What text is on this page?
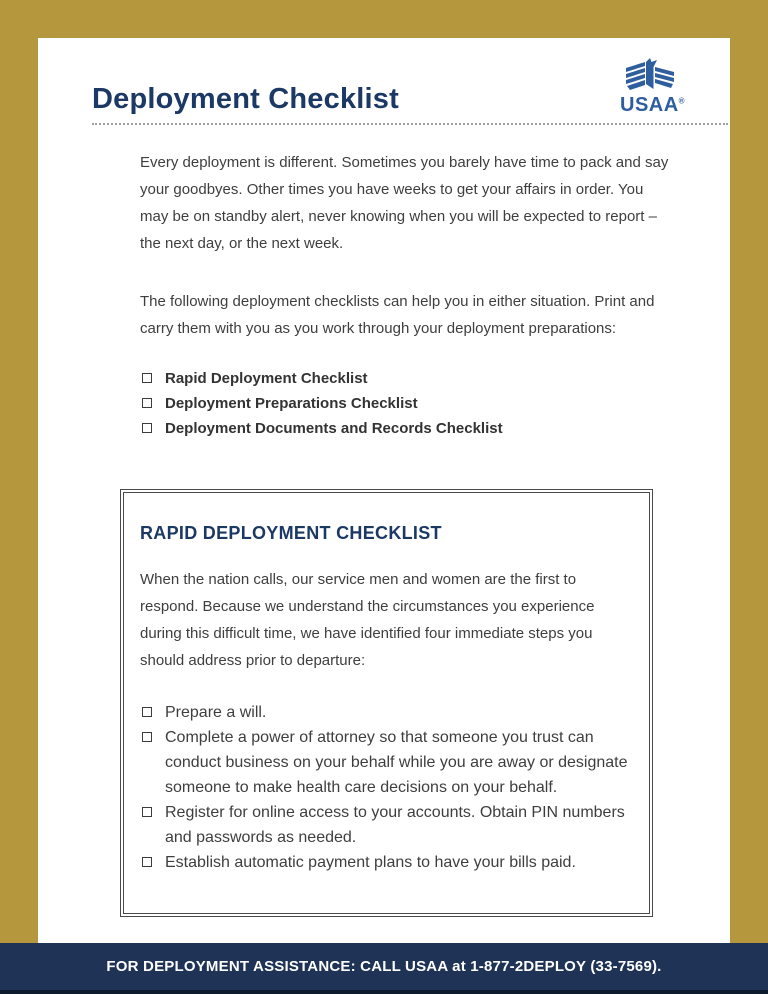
USAA®
Deployment Checklist

Every deployment is different. Sometimes you barely have time to pack and say your goodbyes. Other times you have weeks to get your affairs in order. You may be on standby alert, never knowing when you will be expected to report – the next day, or the next week.

The following deployment checklists can help you in either situation. Print and carry them with you as you work through your deployment preparations:

Rapid Deployment Checklist
Deployment Preparations Checklist
Deployment Documents and Records Checklist
RAPID DEPLOYMENT CHECKLIST

When the nation calls, our service men and women are the first to respond. Because we understand the circumstances you experience during this difficult time, we have identified four immediate steps you should address prior to departure:

Prepare a will.
Complete a power of attorney so that someone you trust can conduct business on your behalf while you are away or designate someone to make health care decisions on your behalf.
Register for online access to your accounts. Obtain PIN numbers and passwords as needed.
Establish automatic payment plans to have your bills paid.
FOR DEPLOYMENT ASSISTANCE: CALL USAA at 1-877-2DEPLOY (33-7569).
